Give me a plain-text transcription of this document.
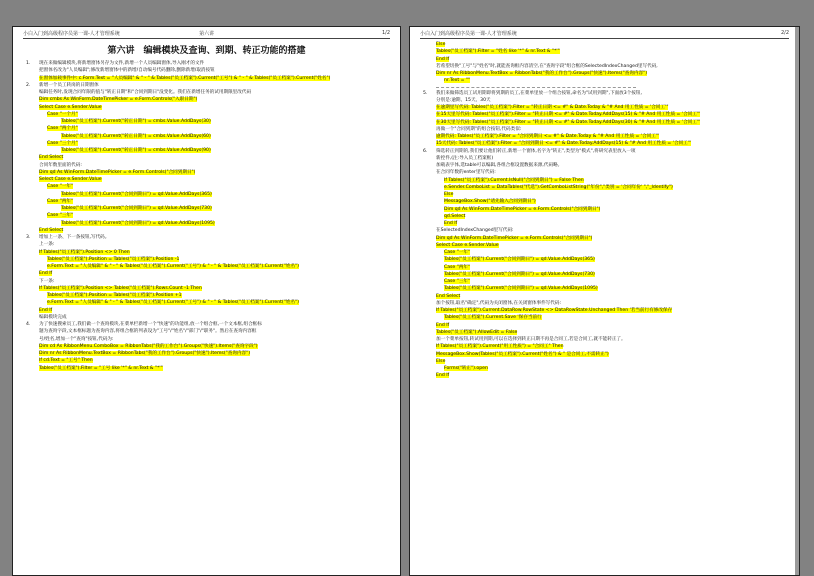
小白入门到高级程序员第一课-人才管理系统	第六讲	1/2
第六讲　编辑模块及查询、到期、转正功能的搭建
1. 现在来做编辑模块,将新增窗体另存为文件,新增一个人员编辑窗体,导入刚才的文件
把窗体名改为"人员编辑";修改新增窗体中的新增/自动编号代码删除,删除新增/取消按钮
在窗体加载事件中: c.Form.Text = "人员编辑" & " - " & Tables("员工档案").Current("工号") & " - " & Tables("员工档案").Current("姓名")
2. 新增一个员工转岗的日期窗体
编辑任务时,发现合同年限的值与"转正日期"和"合同到期日"没变化。我们在新增任务的试用期限里改代码
Dim cmbs As WinForm.DateTimePicker = e.Form.Controls("入职日期")
Select Case e.Sender.Value
Case "一个月"
Tables("员工档案").Current("转正日期") = cmbs.Value.AddDays(30)
Case "两个月"
Tables("员工档案").Current("转正日期") = cmbs.Value.AddDays(60)
Case "三个月"
Tables("员工档案").Current("转正日期") = cmbs.Value.AddDays(90)
End Select
合同年数里面的代码:
Dim qd As WinForm.DateTimePicker = e.Form.Controls("合同到期日")
Select Case e.Sender.Value
Case "一年"
Tables("员工档案").Current("合同到期日") = qd.Value.AddDays(365)
Case "两年"
Tables("员工档案").Current("合同到期日") = qd.Value.AddDays(730)
Case "三年"
Tables("员工档案").Current("合同到期日") = qd.Value.AddDays(1095)
End Select
3. 增加上一条、下一条按钮,写代码。
上一条:
If Tables("员工档案").Position <> 0 Then
Tables("员工档案").Position = Tables("员工档案").Position -1
e.Form.Text = "人员编辑" & " - " & Tables("员工档案").Current("工号") & " - " & Tables("员工档案").Current("姓名")
End If
下一条:
If Tables("员工档案").Position <> Tables("员工档案").Rows.Count -1 Then
Tables("员工档案").Position = Tables("员工档案").Position +1
e.Form.Text = "人员编辑" & " - " & Tables("员工档案").Current("工号") & " - " & Tables("员工档案").Current("姓名")
End If
编辑模块完成
4. 为了快速搜索员工,我们做一个查询模块,在菜单栏新增一个"快速"的功能组,放一个组合框,一个文本框,组合框标
题为查询字段,文本框标题为查询内容,将组合框的列表设为"工号"/"姓名"/"部门"/"职务"。然后在查询内容框
号/姓名,增加一个"查询"按钮,代码为:
Dim cd As RibbonMenu.ComboBox = RibbonTabs("我的工作台").Groups("快速").Items("查询字段")
Dim nr As RibbonMenu.TextBox = RibbonTabs("我的工作台").Groups("快速").Items("查询内容")
If cd.Text = "工号" Then
Tables("员工档案").Filter = "工号 like '*" & nr.Text & "*'"
小白入门到高级程序员第一课-人才管理系统	2/2
Else
Tables("员工档案").Filter = "姓名 like '*" & nr.Text & "*'"
End If
若希望切换"工号"与"姓名"时,就能查询框内容清空,在"查询字段"组合框的SelectedIndexChanged里写代码,
Dim nr As RibbonMenu.TextBox = RibbonTabs("我的工作台").Groups("快速").Items("查询内容")
nr.Text = ""
5. 我们来做筛选员工试用期即将到期的员工,在菜单里放一个组合按钮,命名为"试用到期",下面放3个按钮,
分别是:逾期、15天、30天
在逾期里写代码: Tables("员工档案").Filter = "转正日期 <= #" & Date.Today & "# And 用工性质 = '合同工'"
在15天里写代码: Tables("员工档案").Filter = "转正日期 <= #" & Date.Today.AddDays(15) & "# And 用工性质 = '合同工'"
在30天里写代码: Tables("员工档案").Filter = "转正日期 <= #" & Date.Today.AddDays(30) & "# And 用工性质 = '合同工'"
再做一个"合同到期"的组合按钮,代码类似:
逾期代码: Tables("员工档案").Filter = "合同到期日 <= #" & Date.Today & "# And 用工性质 = '合同工'"
15天代码: Tables("员工档案").Filter = "合同到期日 <= #" & Date.Today.AddDays(15) & "# And 用工性质 = '合同工'"
6. 筛选转正到期的,我们要让他们转正,新增一个窗体,名字为"转正",类型为"模式",将研究表里放入一项
新控件,(注:导入员工档案框)
加载表字体,选table可以编辑,各组合框设置数据来源,代码略。
在合同年数的enter里写代码:
If Tables("员工档案").Current.IsNull("合同到期日") = False Then
e.Sender.ComboList = DataTables("代选").GetComboListString("年份","类别 = '合同年份' ","_Identify")
Else
MessageBox.Show("请先输入合同到期日")
Dim qd As WinForm.DateTimePicker = e.Form.Controls("合同到期日")
qd.Select
End If
在SelectedIndexChanged里写代码:
Dim qd As WinForm.DateTimePicker = e.Form.Controls("合同到期日")
Select Case e.Sender.Value
Case "一年"
Tables("员工档案").Current("合同到期日") = qd.Value.AddDays(365)
Case "两年"
Tables("员工档案").Current("合同到期日") = qd.Value.AddDays(730)
Case "三年"
Tables("员工档案").Current("合同到期日") = qd.Value.AddDays(1095)
End Select
加个按钮,取名"确定",代码为关闭窗体,在关闭窗体事件写代码:
If Tables("员工档案").Current.DataRow.RowState <> DataRowState.Unchanged Then '若当前行有修改保存
Tables("员工档案").Current.Save '保存当前行
End If
Tables("员工档案").AllowEdit = False
加一个菜单按钮,转试用到期,可以在选择到转正日期不再是合同工,若是合同工,就不能转正了。
If Tables("员工档案").Current("用工性质") = "合同工" Then
MessageBox.Show(Tables("员工档案").Current("姓名") & " 是合同工,不需转正")
Else
Forms("转正").open
End If
